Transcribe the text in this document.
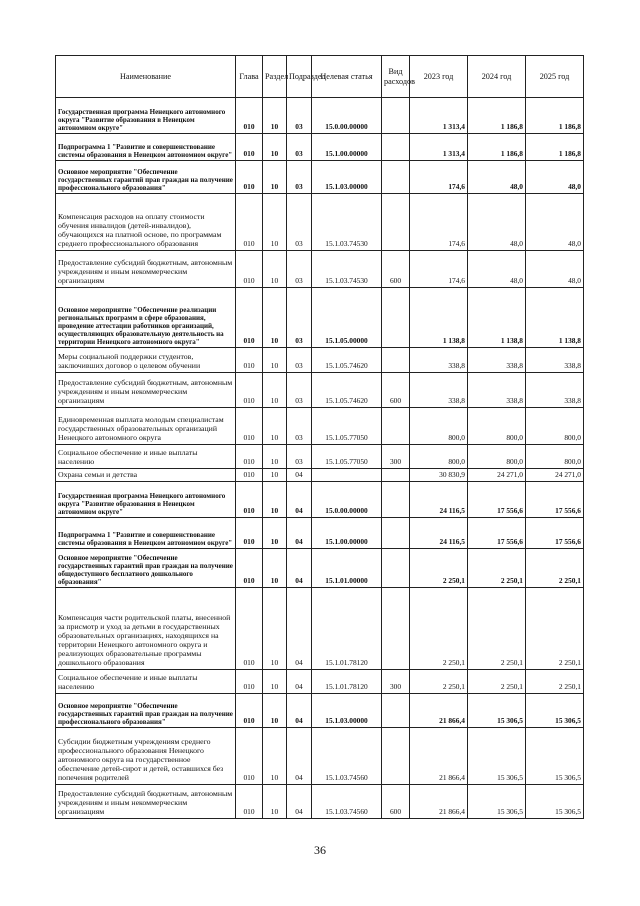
Наименование	Глава	Раздел	Подраздел	Целевая статья	Вид расходов	2023 год	2024 год	2025 год
Государственная программа Ненецкого автономного округа "Развитие образования в Ненецком автономном округе"	010	10	03	15.0.00.00000		1 313,4	1 186,8	1 186,8
Подпрограмма 1 "Развитие и совершенствование системы образования в Ненецком автономном округе"	010	10	03	15.1.00.00000		1 313,4	1 186,8	1 186,8
Основное мероприятие "Обеспечение государственных гарантий прав граждан на получение профессионального образования"	010	10	03	15.1.03.00000		174,6	48,0	48,0
Компенсация расходов на оплату стоимости обучения инвалидов (детей-инвалидов), обучающихся на платной основе, по программам среднего профессионального образования	010	10	03	15.1.03.74530		174,6	48,0	48,0
Предоставление субсидий бюджетным, автономным учреждениям и иным некоммерческим организациям	010	10	03	15.1.03.74530	600	174,6	48,0	48,0
Основное мероприятие "Обеспечение реализации региональных программ в сфере образования, проведение аттестации работников организаций, осуществляющих образовательную деятельность на территории Ненецкого автономного округа"	010	10	03	15.1.05.00000		1 138,8	1 138,8	1 138,8
Меры социальной поддержки студентов, заключивших договор о целевом обучении	010	10	03	15.1.05.74620		338,8	338,8	338,8
Предоставление субсидий бюджетным, автономным учреждениям и иным некоммерческим организациям	010	10	03	15.1.05.74620	600	338,8	338,8	338,8
Единовременная выплата молодым специалистам государственных образовательных организаций Ненецкого автономного округа	010	10	03	15.1.05.77050		800,0	800,0	800,0
Социальное обеспечение и иные выплаты населению	010	10	03	15.1.05.77050	300	800,0	800,0	800,0
Охрана семьи и детства	010	10	04			30 830,9	24 271,0	24 271,0
Государственная программа Ненецкого автономного округа "Развитие образования в Ненецком автономном округе"	010	10	04	15.0.00.00000		24 116,5	17 556,6	17 556,6
Подпрограмма 1 "Развитие и совершенствование системы образования в Ненецком автономном округе"	010	10	04	15.1.00.00000		24 116,5	17 556,6	17 556,6
Основное мероприятие "Обеспечение государственных гарантий прав граждан на получение общедоступного бесплатного дошкольного образования"	010	10	04	15.1.01.00000		2 250,1	2 250,1	2 250,1
Компенсация части родительской платы, внесенной за присмотр и уход за детьми в государственных образовательных организациях, находящихся на территории Ненецкого автономного округа и реализующих образовательные программы дошкольного образования	010	10	04	15.1.01.78120		2 250,1	2 250,1	2 250,1
Социальное обеспечение и иные выплаты населению	010	10	04	15.1.01.78120	300	2 250,1	2 250,1	2 250,1
Основное мероприятие "Обеспечение государственных гарантий прав граждан на получение профессионального образования"	010	10	04	15.1.03.00000		21 866,4	15 306,5	15 306,5
Субсидии бюджетным учреждениям среднего профессионального образования Ненецкого автономного округа на государственное обеспечение детей-сирот и детей, оставшихся без попечения родителей	010	10	04	15.1.03.74560		21 866,4	15 306,5	15 306,5
Предоставление субсидий бюджетным, автономным учреждениям и иным некоммерческим организациям	010	10	04	15.1.03.74560	600	21 866,4	15 306,5	15 306,5
36
